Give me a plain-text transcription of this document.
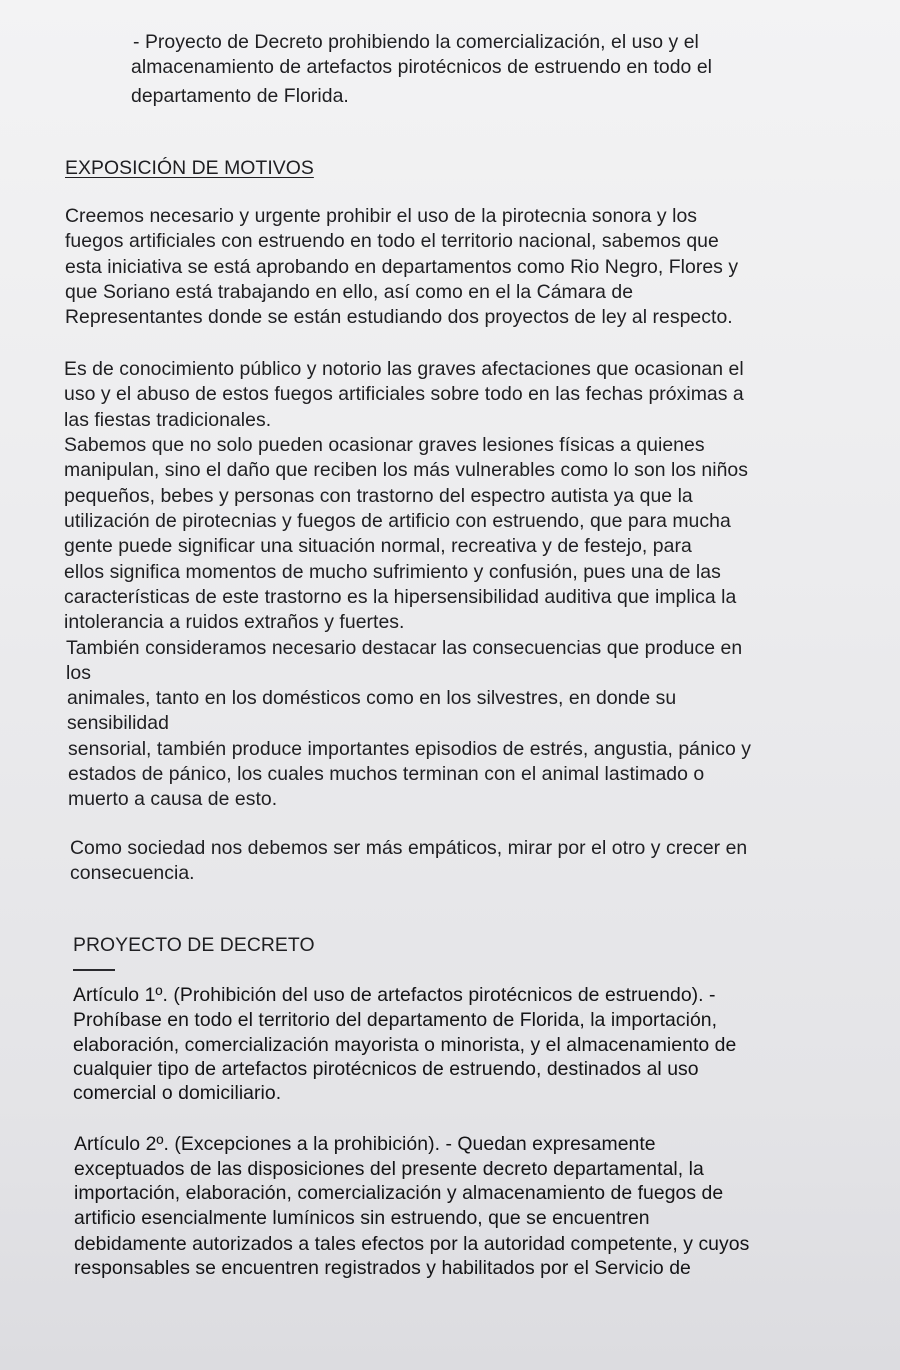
- Proyecto de Decreto prohibiendo la comercialización, el uso y el
almacenamiento de artefactos pirotécnicos de estruendo en todo el
departamento de Florida.
EXPOSICIÓN DE MOTIVOS
Creemos necesario y urgente prohibir el uso de la pirotecnia sonora y los
fuegos artificiales con estruendo en todo el territorio nacional, sabemos que
esta iniciativa se está aprobando en departamentos como Rio Negro, Flores y
que Soriano está trabajando en ello, así como en el la Cámara de
Representantes donde se están estudiando dos proyectos de ley al respecto.
Es de conocimiento público y notorio las graves afectaciones que ocasionan el
uso y el abuso de estos fuegos artificiales sobre todo en las fechas próximas a
las fiestas tradicionales.
Sabemos que no solo pueden ocasionar graves lesiones físicas a quienes
manipulan, sino el daño que reciben los más vulnerables como lo son los niños
pequeños, bebes y personas con trastorno del espectro autista ya que la
utilización de pirotecnias y fuegos de artificio con estruendo, que para mucha
gente puede significar una situación normal, recreativa y de festejo, para
ellos significa momentos de mucho sufrimiento y confusión, pues una de las
características de este trastorno es la hipersensibilidad auditiva que implica la
intolerancia a ruidos extraños y fuertes.
También consideramos necesario destacar las consecuencias que produce en
los
animales, tanto en los domésticos como en los silvestres, en donde su
sensibilidad
sensorial, también produce importantes episodios de estrés, angustia, pánico y
estados de pánico, los cuales muchos terminan con el animal lastimado o
muerto a causa de esto.
Como sociedad nos debemos ser más empáticos, mirar por el otro y crecer en
consecuencia.
PROYECTO DE DECRETO
Artículo 1º. (Prohibición del uso de artefactos pirotécnicos de estruendo). -
Prohíbase en todo el territorio del departamento de Florida, la importación,
elaboración, comercialización mayorista o minorista, y el almacenamiento de
cualquier tipo de artefactos pirotécnicos de estruendo, destinados al uso
comercial o domiciliario.
Artículo 2º. (Excepciones a la prohibición). - Quedan expresamente
exceptuados de las disposiciones del presente decreto departamental, la
importación, elaboración, comercialización y almacenamiento de fuegos de
artificio esencialmente lumínicos sin estruendo, que se encuentren
debidamente autorizados a tales efectos por la autoridad competente, y cuyos
responsables se encuentren registrados y habilitados por el Servicio de
